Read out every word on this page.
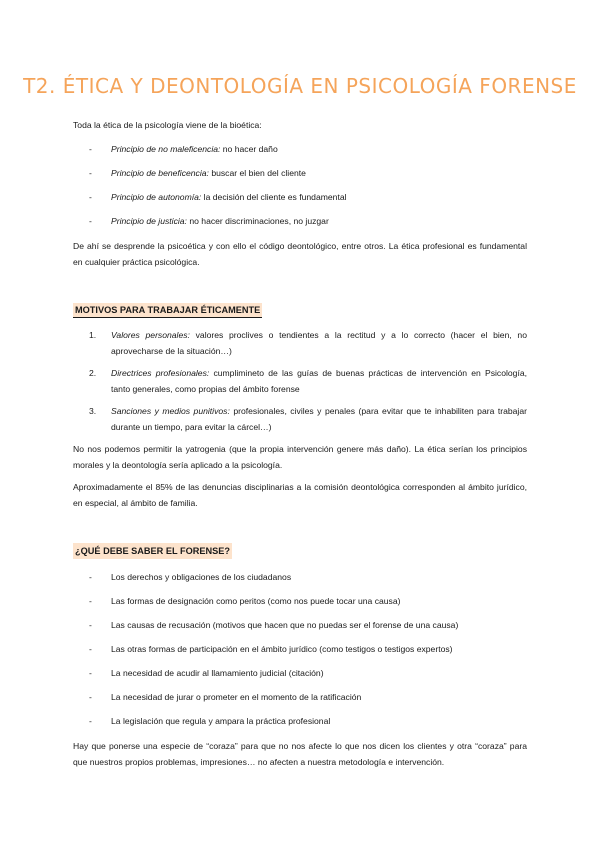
T2. ÉTICA Y DEONTOLOGÍA EN PSICOLOGÍA FORENSE
Toda la ética de la psicología viene de la bioética:
- Principio de no maleficencia: no hacer daño
- Principio de beneficencia: buscar el bien del cliente
- Principio de autonomía: la decisión del cliente es fundamental
- Principio de justicia: no hacer discriminaciones, no juzgar
De ahí se desprende la psicoética y con ello el código deontológico, entre otros. La ética profesional es fundamental en cualquier práctica psicológica.
MOTIVOS PARA TRABAJAR ÉTICAMENTE
1. Valores personales: valores proclives o tendientes a la rectitud y a lo correcto (hacer el bien, no aprovecharse de la situación…)
2. Directrices profesionales: cumplimineto de las guías de buenas prácticas de intervención en Psicología, tanto generales, como propias del ámbito forense
3. Sanciones y medios punitivos: profesionales, civiles y penales (para evitar que te inhabiliten para trabajar durante un tiempo, para evitar la cárcel…)
No nos podemos permitir la yatrogenia (que la propia intervención genere más daño). La ética serían los principios morales y la deontología sería aplicado a la psicología.
Aproximadamente el 85% de las denuncias disciplinarias a la comisión deontológica corresponden al ámbito jurídico, en especial, al ámbito de familia.
¿QUÉ DEBE SABER EL FORENSE?
- Los derechos y obligaciones de los ciudadanos
- Las formas de designación como peritos (como nos puede tocar una causa)
- Las causas de recusación (motivos que hacen que no puedas ser el forense de una causa)
- Las otras formas de participación en el ámbito jurídico (como testigos o testigos expertos)
- La necesidad de acudir al llamamiento judicial (citación)
- La necesidad de jurar o prometer en el momento de la ratificación
- La legislación que regula y ampara la práctica profesional
Hay que ponerse una especie de “coraza” para que no nos afecte lo que nos dicen los clientes y otra “coraza” para que nuestros propios problemas, impresiones… no afecten a nuestra metodología e intervención.
